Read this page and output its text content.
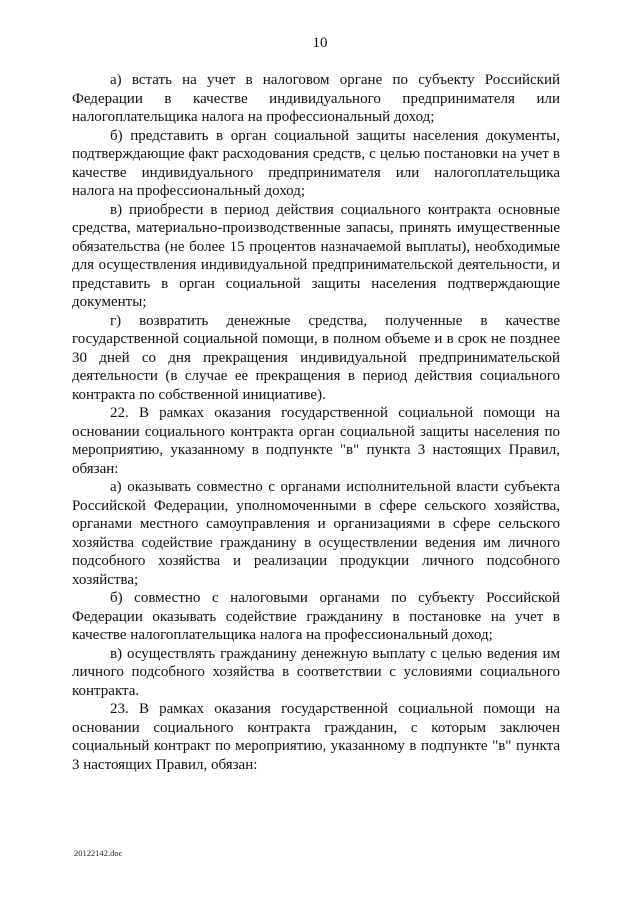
10

а) встать на учет в налоговом органе по субъекту Российский Федерации в качестве индивидуального предпринимателя или налогоплательщика налога на профессиональный доход;

б) представить в орган социальной защиты населения документы, подтверждающие факт расходования средств, с целью постановки на учет в качестве индивидуального предпринимателя или налогоплательщика налога на профессиональный доход;

в) приобрести в период действия социального контракта основные средства, материально-производственные запасы, принять имущественные обязательства (не более 15 процентов назначаемой выплаты), необходимые для осуществления индивидуальной предпринимательской деятельности, и представить в орган социальной защиты населения подтверждающие документы;

г) возвратить денежные средства, полученные в качестве государственной социальной помощи, в полном объеме и в срок не позднее 30 дней со дня прекращения индивидуальной предпринимательской деятельности (в случае ее прекращения в период действия социального контракта по собственной инициативе).

22. В рамках оказания государственной социальной помощи на основании социального контракта орган социальной защиты населения по мероприятию, указанному в подпункте "в" пункта 3 настоящих Правил, обязан:

а) оказывать совместно с органами исполнительной власти субъекта Российской Федерации, уполномоченными в сфере сельского хозяйства, органами местного самоуправления и организациями в сфере сельского хозяйства содействие гражданину в осуществлении ведения им личного подсобного хозяйства и реализации продукции личного подсобного хозяйства;

б) совместно с налоговыми органами по субъекту Российской Федерации оказывать содействие гражданину в постановке на учет в качестве налогоплательщика налога на профессиональный доход;

в) осуществлять гражданину денежную выплату с целью ведения им личного подсобного хозяйства в соответствии с условиями социального контракта.

23. В рамках оказания государственной социальной помощи на основании социального контракта гражданин, с которым заключен социальный контракт по мероприятию, указанному в подпункте "в" пункта 3 настоящих Правил, обязан:

20122142.doc
